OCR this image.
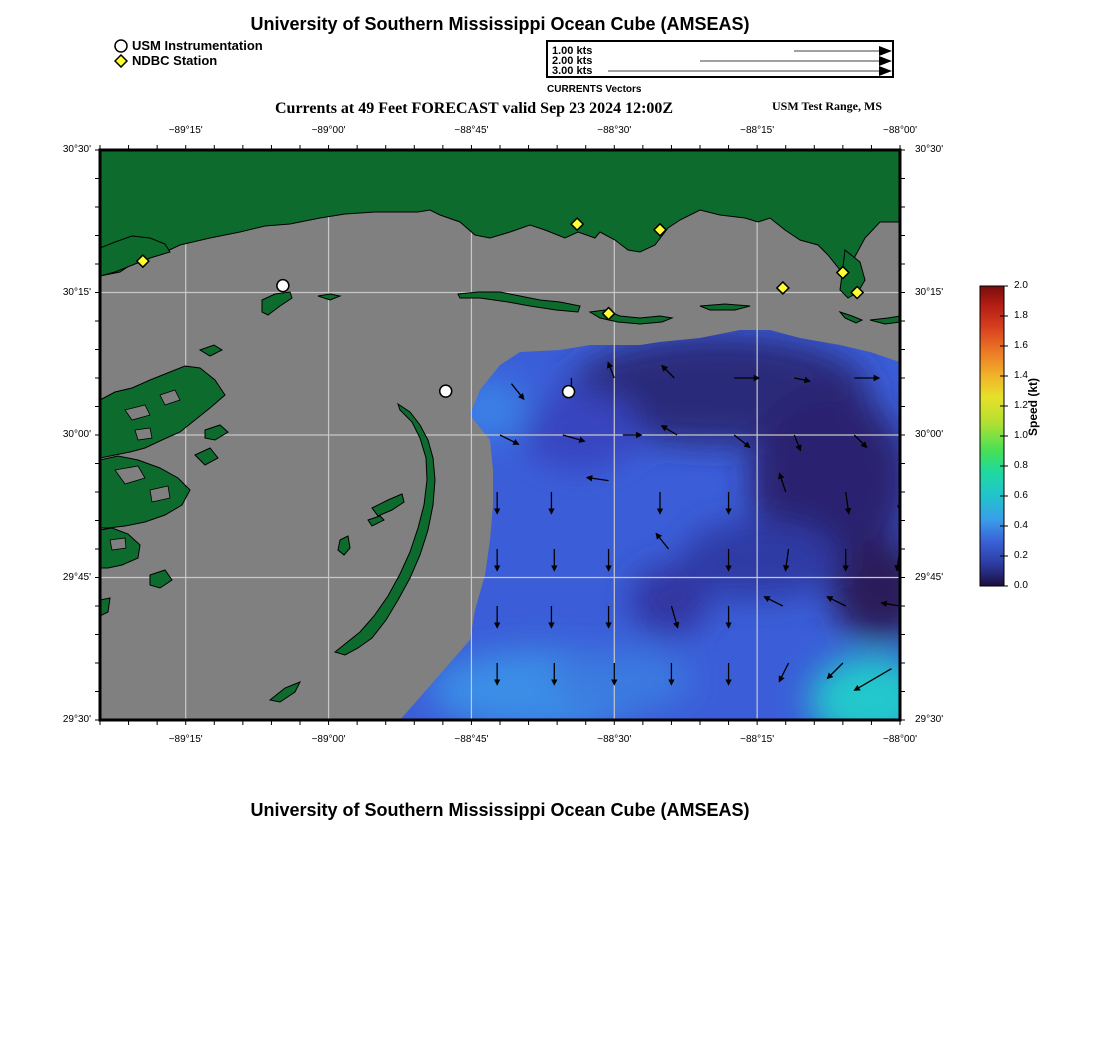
University of Southern Mississippi Ocean Cube (AMSEAS)
USM Instrumentation
NDBC Station
1.00 kts
2.00 kts
3.00 kts
CURRENTS Vectors
Currents at 49 Feet FORECAST valid Sep 23 2024 12:00Z	USM Test Range, MS
−89°15'
−89°15'
−89°00'
−89°00'
−88°45'
−88°45'
−88°30'
−88°30'
−88°15'
−88°15'
−88°00'
−88°00'
30°30'	30°30'
30°15'	30°15'
30°00'	30°00'
29°45'	29°45'
29°30'	29°30'
2.0
1.8
1.6
1.4
1.2
1.0
0.8
0.6
0.4
0.2
0.0
Speed (kt)
University of Southern Mississippi Ocean Cube (AMSEAS)
